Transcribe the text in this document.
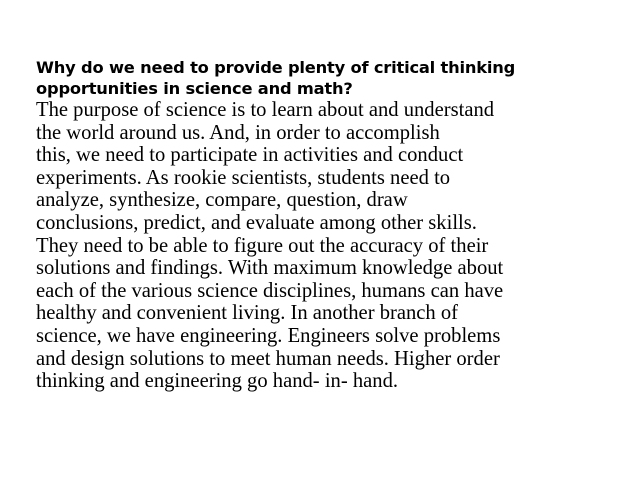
Why do we need to provide plenty of critical thinking
opportunities in science and math?
The purpose of science is to learn about and understand
the world around us. And, in order to accomplish
this, we need to participate in activities and conduct
experiments. As rookie scientists, students need to
analyze, synthesize, compare, question, draw
conclusions, predict, and evaluate among other skills.
They need to be able to figure out the accuracy of their
solutions and findings. With maximum knowledge about
each of the various science disciplines, humans can have
healthy and convenient living. In another branch of
science, we have engineering. Engineers solve problems
and design solutions to meet human needs. Higher order
thinking and engineering go hand- in- hand.
